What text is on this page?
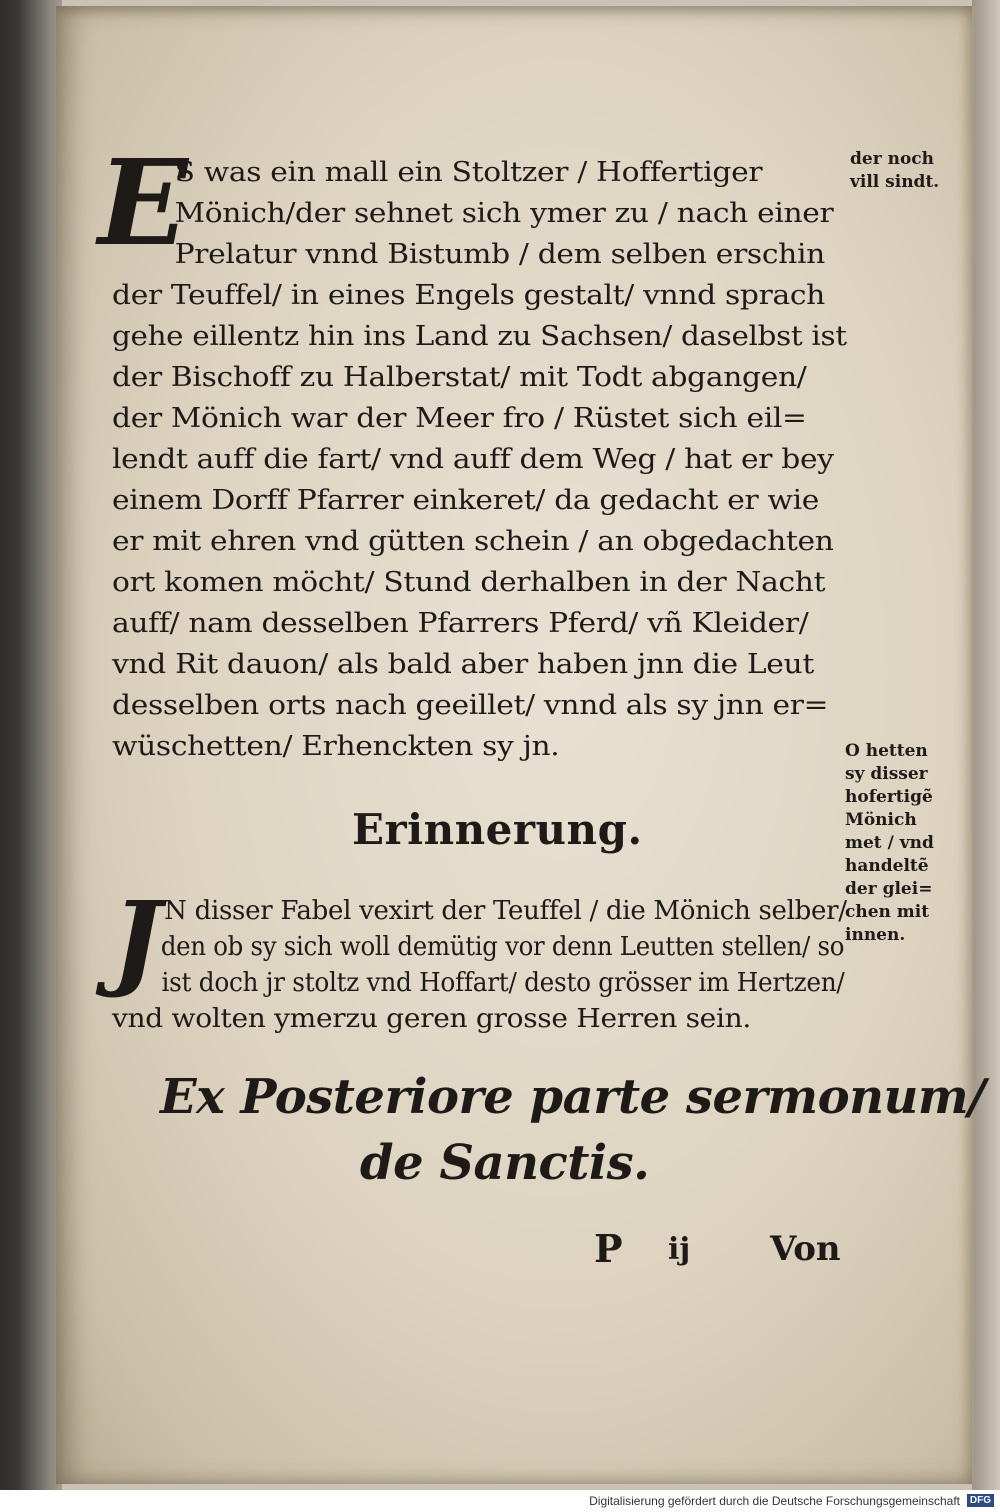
E
S was ein mall ein Stoltzer / Hoffertiger
Mönich/der sehnet sich ymer zu / nach einer
Prelatur vnnd Bistumb / dem selben erschin
der Teuffel/ in eines Engels gestalt/ vnnd sprach
gehe eillentz hin ins Land zu Sachsen/ daselbst ist
der Bischoff zu Halberstat/ mit Todt abgangen/
der Mönich war der Meer fro / Rüstet sich eil=
lendt auff die fart/ vnd auff dem Weg / hat er bey
einem Dorff Pfarrer einkeret/ da gedacht er wie
er mit ehren vnd gütten schein / an obgedachten
ort komen möcht/ Stund derhalben in der Nacht
auff/ nam desselben Pfarrers Pferd/ vñ Kleider/
vnd Rit dauon/ als bald aber haben jnn die Leut
desselben orts nach geeillet/ vnnd als sy jnn er=
wüschetten/ Erhenckten sy jn.
Erinnerung.
J N disser Fabel vexirt der Teuffel / die Mönich selber/
den ob sy sich woll demütig vor denn Leutten stellen/ so
ist doch jr stoltz vnd Hoffart/ desto grösser im Hertzen/
vnd wolten ymerzu geren grosse Herren sein.
Ex Posteriore parte sermonum/
de Sanctis.
P ij Von
der noch
vill sindt.
O hetten
sy disser
hofertigẽ
Mönich
met / vnd
handeltẽ
der glei=
chen mit
innen.
Digitalisierung gefördert durch die Deutsche Forschungsgemeinschaft DFG
